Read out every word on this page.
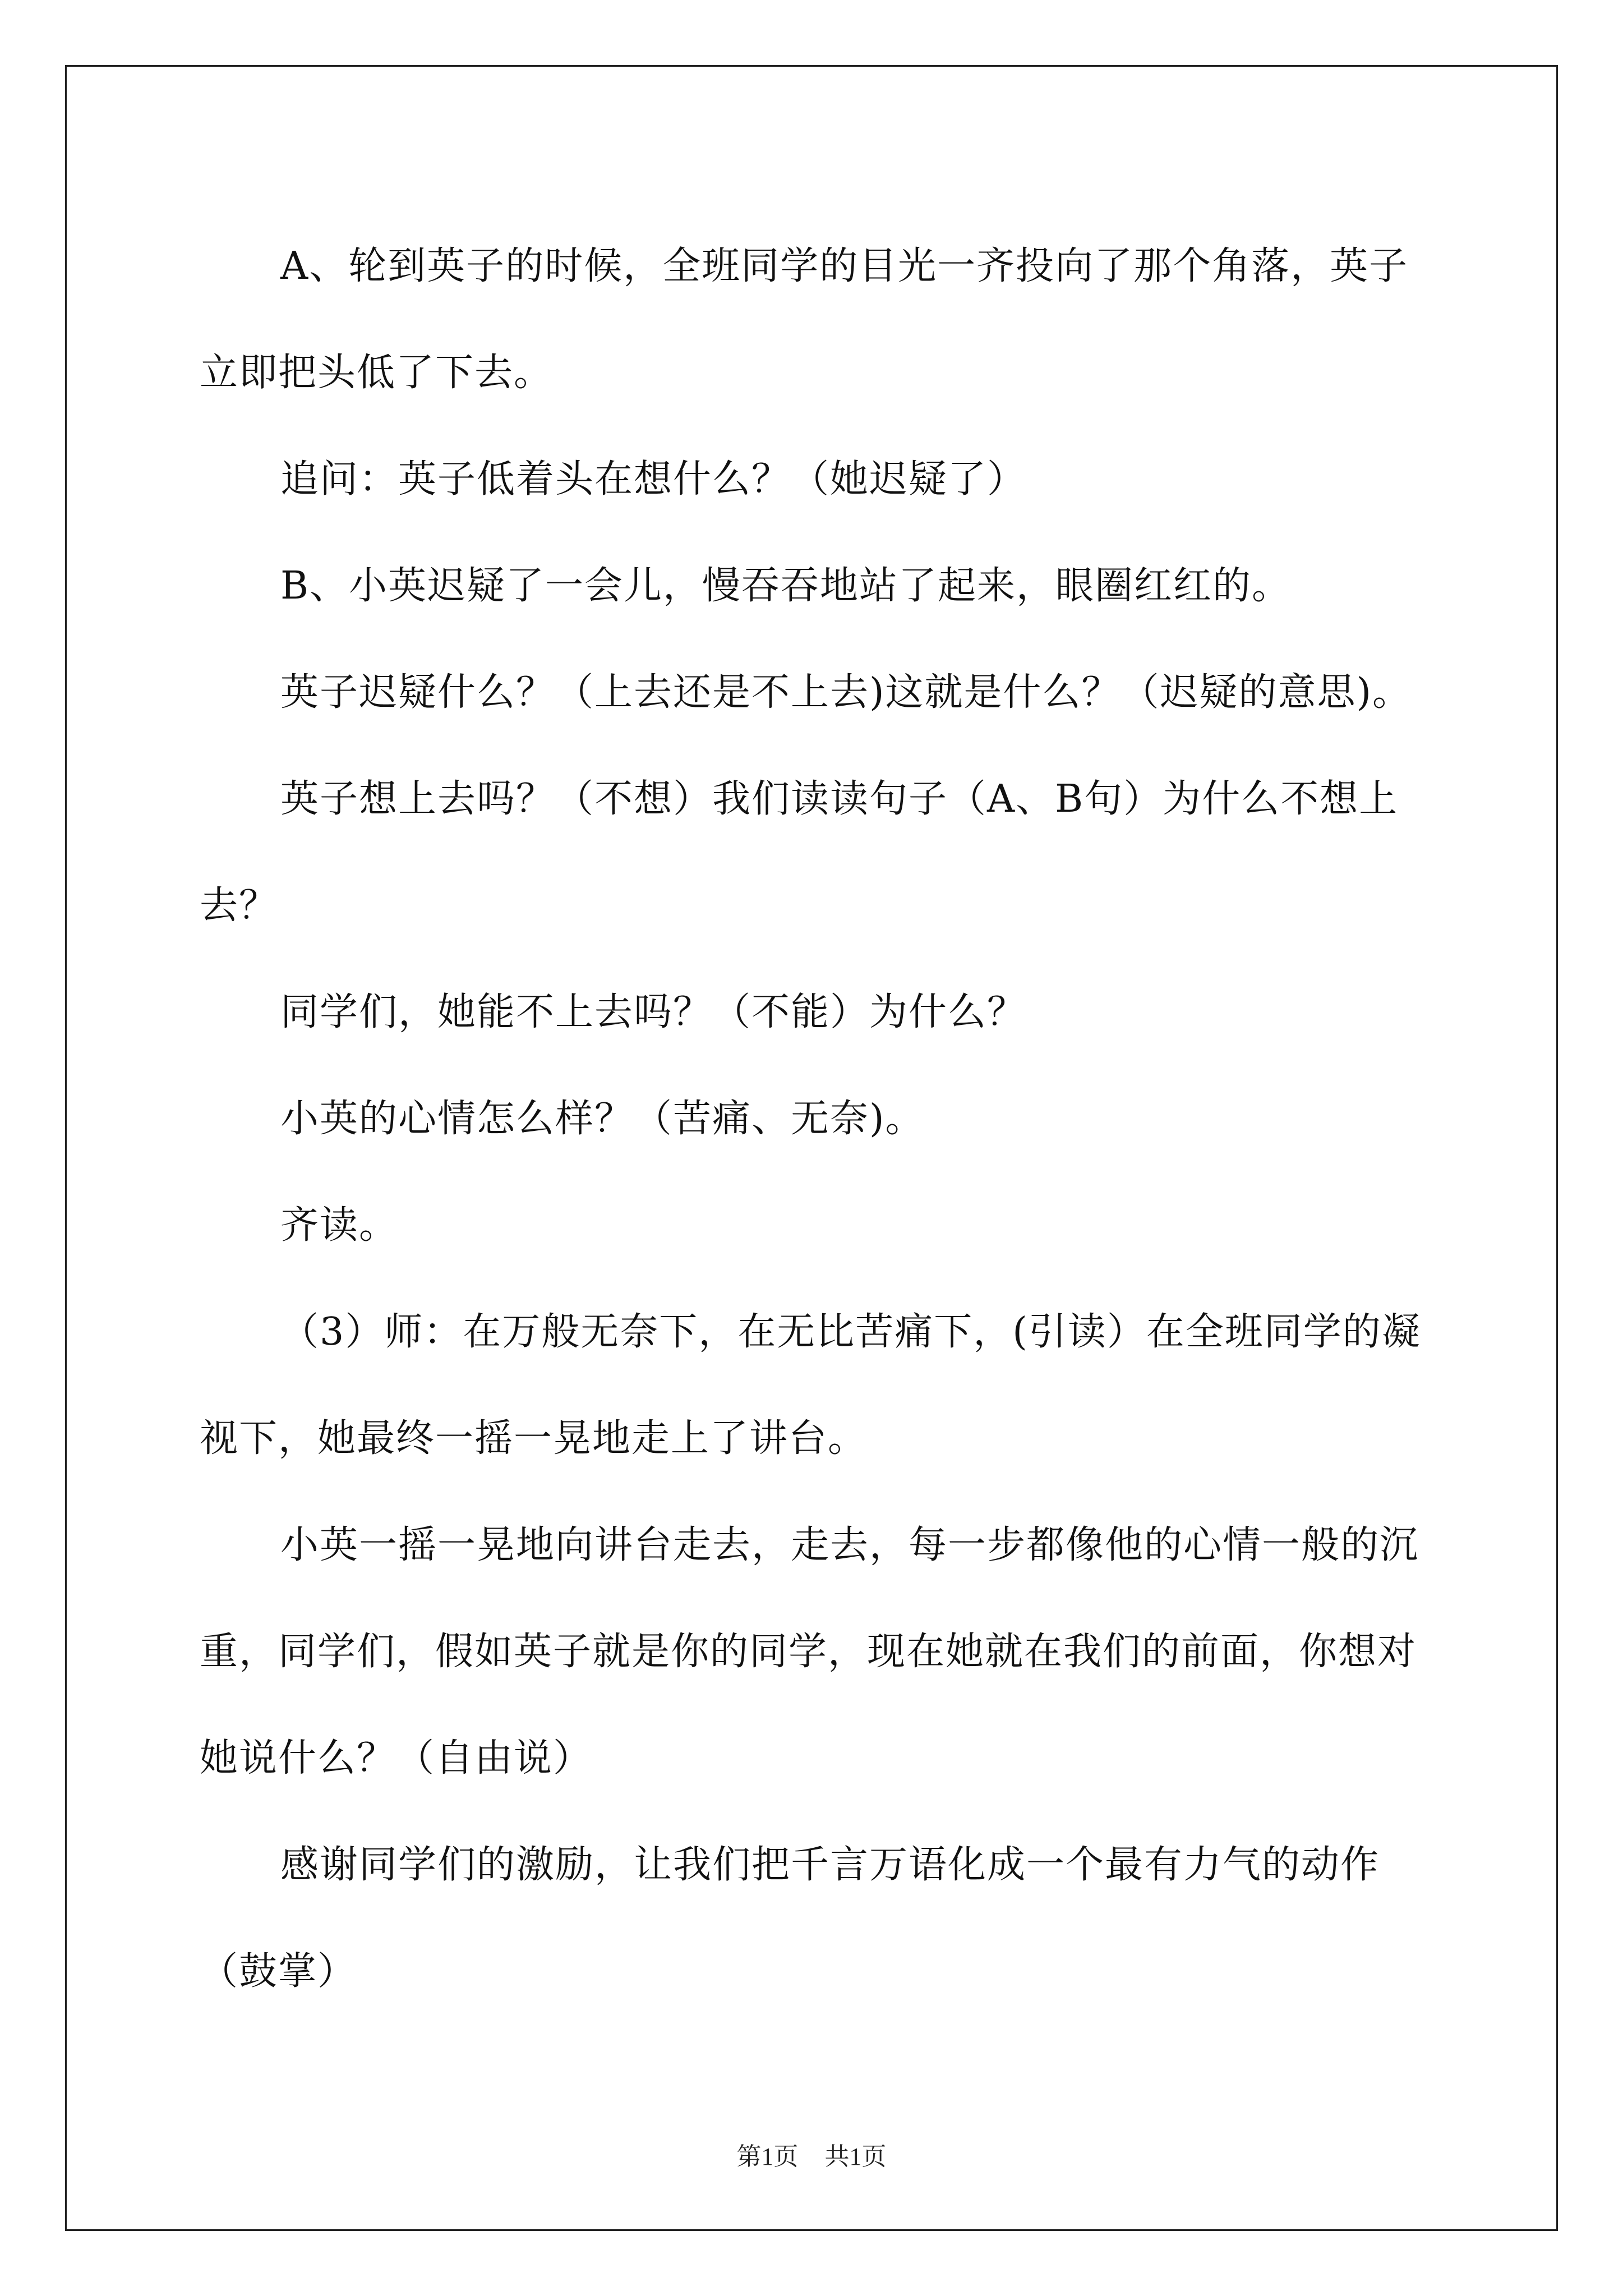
A、轮到英子的时候，全班同学的目光一齐投向了那个角落，英子立即把头低了下去。

追问：英子低着头在想什么？（她迟疑了）

B、小英迟疑了一会儿，慢吞吞地站了起来，眼圈红红的。

英子迟疑什么？（上去还是不上去)这就是什么？（迟疑的意思)。

英子想上去吗？（不想）我们读读句子（A、B句）为什么不想上去？

同学们，她能不上去吗？（不能）为什么？

小英的心情怎么样？（苦痛、无奈)。

齐读。

（3）师：在万般无奈下，在无比苦痛下，(引读）在全班同学的凝视下，她最终一摇一晃地走上了讲台。

小英一摇一晃地向讲台走去，走去，每一步都像他的心情一般的沉重，同学们，假如英子就是你的同学，现在她就在我们的前面，你想对她说什么？（自由说）

感谢同学们的激励，让我们把千言万语化成一个最有力气的动作（鼓掌）

第1页 共1页
